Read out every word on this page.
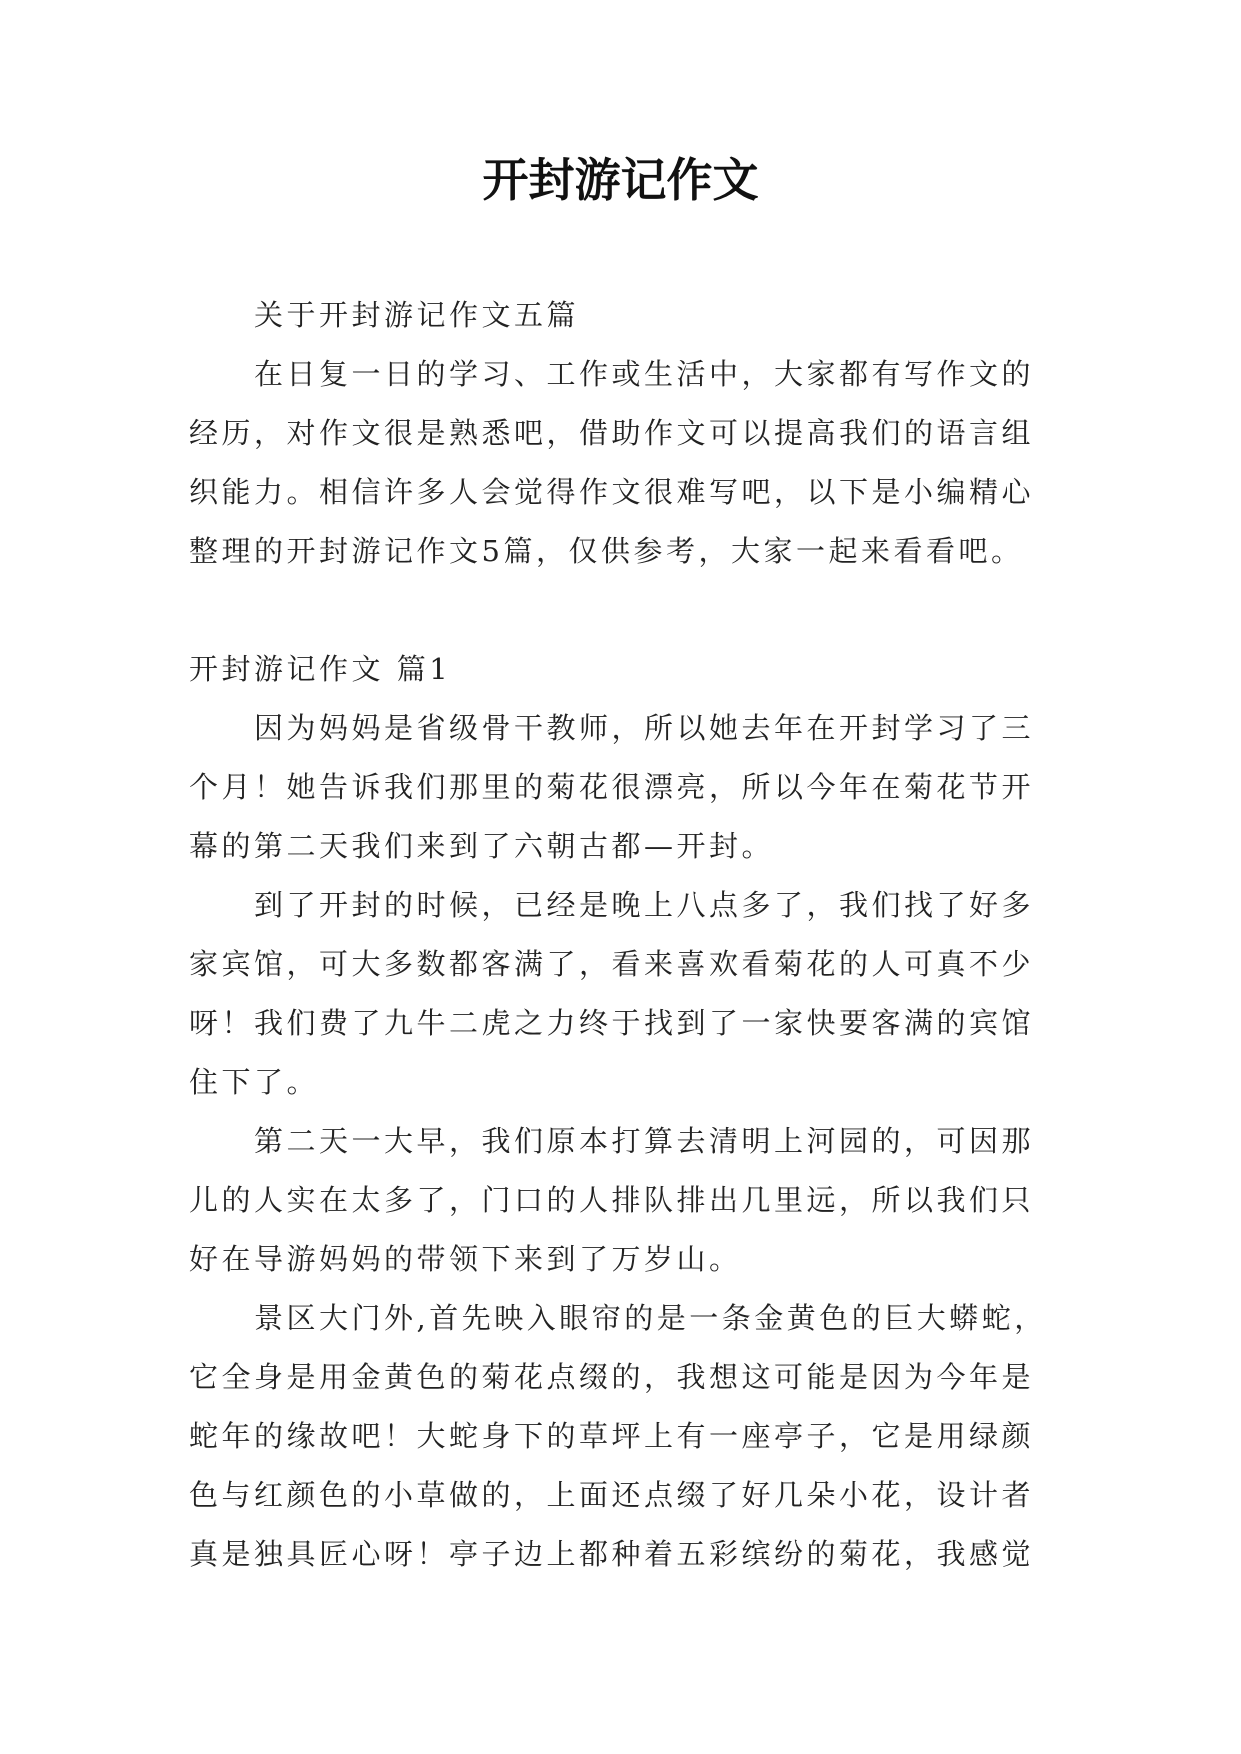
开封游记作文

关于开封游记作文五篇

在日复一日的学习、工作或生活中，大家都有写作文的经历，对作文很是熟悉吧，借助作文可以提高我们的语言组织能力。相信许多人会觉得作文很难写吧，以下是小编精心整理的开封游记作文5篇，仅供参考，大家一起来看看吧。

开封游记作文 篇1

因为妈妈是省级骨干教师，所以她去年在开封学习了三个月！她告诉我们那里的菊花很漂亮，所以今年在菊花节开幕的第二天我们来到了六朝古都—开封。

到了开封的时候，已经是晚上八点多了，我们找了好多家宾馆，可大多数都客满了，看来喜欢看菊花的人可真不少呀！我们费了九牛二虎之力终于找到了一家快要客满的宾馆住下了。

第二天一大早，我们原本打算去清明上河园的，可因那儿的人实在太多了，门口的人排队排出几里远，所以我们只好在导游妈妈的带领下来到了万岁山。

景区大门外,首先映入眼帘的是一条金黄色的巨大蟒蛇，它全身是用金黄色的菊花点缀的，我想这可能是因为今年是蛇年的缘故吧！大蛇身下的草坪上有一座亭子，它是用绿颜色与红颜色的小草做的，上面还点缀了好几朵小花，设计者真是独具匠心呀！亭子边上都种着五彩缤纷的菊花，我感觉
